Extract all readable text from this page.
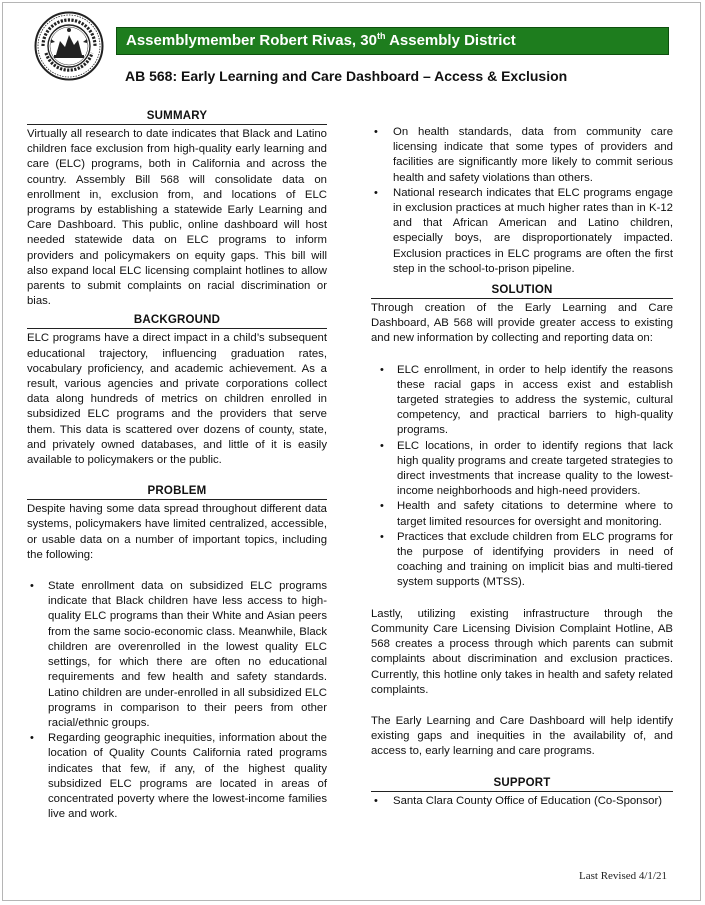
Assemblymember Robert Rivas, 30th Assembly District
AB 568: Early Learning and Care Dashboard – Access & Exclusion
SUMMARY

Virtually all research to date indicates that Black and Latino children face exclusion from high-quality early learning and care (ELC) programs, both in California and across the country. Assembly Bill 568 will consolidate data on enrollment in, exclusion from, and locations of ELC programs by establishing a statewide Early Learning and Care Dashboard. This public, online dashboard will host needed statewide data on ELC programs to inform providers and policymakers on equity gaps. This bill will also expand local ELC licensing complaint hotlines to allow parents to submit complaints on racial discrimination or bias.

BACKGROUND

ELC programs have a direct impact in a child’s subsequent educational trajectory, influencing graduation rates, vocabulary proficiency, and academic achievement. As a result, various agencies and private corporations collect data along hundreds of metrics on children enrolled in subsidized ELC programs and the providers that serve them. This data is scattered over dozens of county, state, and privately owned databases, and little of it is easily available to policymakers or the public.

PROBLEM

Despite having some data spread throughout different data systems, policymakers have limited centralized, accessible, or usable data on a number of important topics, including the following:

• State enrollment data on subsidized ELC programs indicate that Black children have less access to high-quality ELC programs than their White and Asian peers from the same socio-economic class. Meanwhile, Black children are overenrolled in the lowest quality ELC settings, for which there are often no educational requirements and few health and safety standards. Latino children are under-enrolled in all subsidized ELC programs in comparison to their peers from other racial/ethnic groups.
• Regarding geographic inequities, information about the location of Quality Counts California rated programs indicates that few, if any, of the highest quality subsidized ELC programs are located in areas of concentrated poverty where the lowest-income families live and work.
• On health standards, data from community care licensing indicate that some types of providers and facilities are significantly more likely to commit serious health and safety violations than others.
• National research indicates that ELC programs engage in exclusion practices at much higher rates than in K-12 and that African American and Latino children, especially boys, are disproportionately impacted. Exclusion practices in ELC programs are often the first step in the school-to-prison pipeline.
SOLUTION

Through creation of the Early Learning and Care Dashboard, AB 568 will provide greater access to existing and new information by collecting and reporting data on:

• ELC enrollment, in order to help identify the reasons these racial gaps in access exist and establish targeted strategies to address the systemic, cultural competency, and practical barriers to high-quality programs.
• ELC locations, in order to identify regions that lack high quality programs and create targeted strategies to direct investments that increase quality to the lowest-income neighborhoods and high-need providers.
• Health and safety citations to determine where to target limited resources for oversight and monitoring.
• Practices that exclude children from ELC programs for the purpose of identifying providers in need of coaching and training on implicit bias and multi-tiered system supports (MTSS).

Lastly, utilizing existing infrastructure through the Community Care Licensing Division Complaint Hotline, AB 568 creates a process through which parents can submit complaints about discrimination and exclusion practices. Currently, this hotline only takes in health and safety related complaints.

The Early Learning and Care Dashboard will help identify existing gaps and inequities in the availability of, and access to, early learning and care programs.

SUPPORT
• Santa Clara County Office of Education (Co-Sponsor)
Last Revised 4/1/21
